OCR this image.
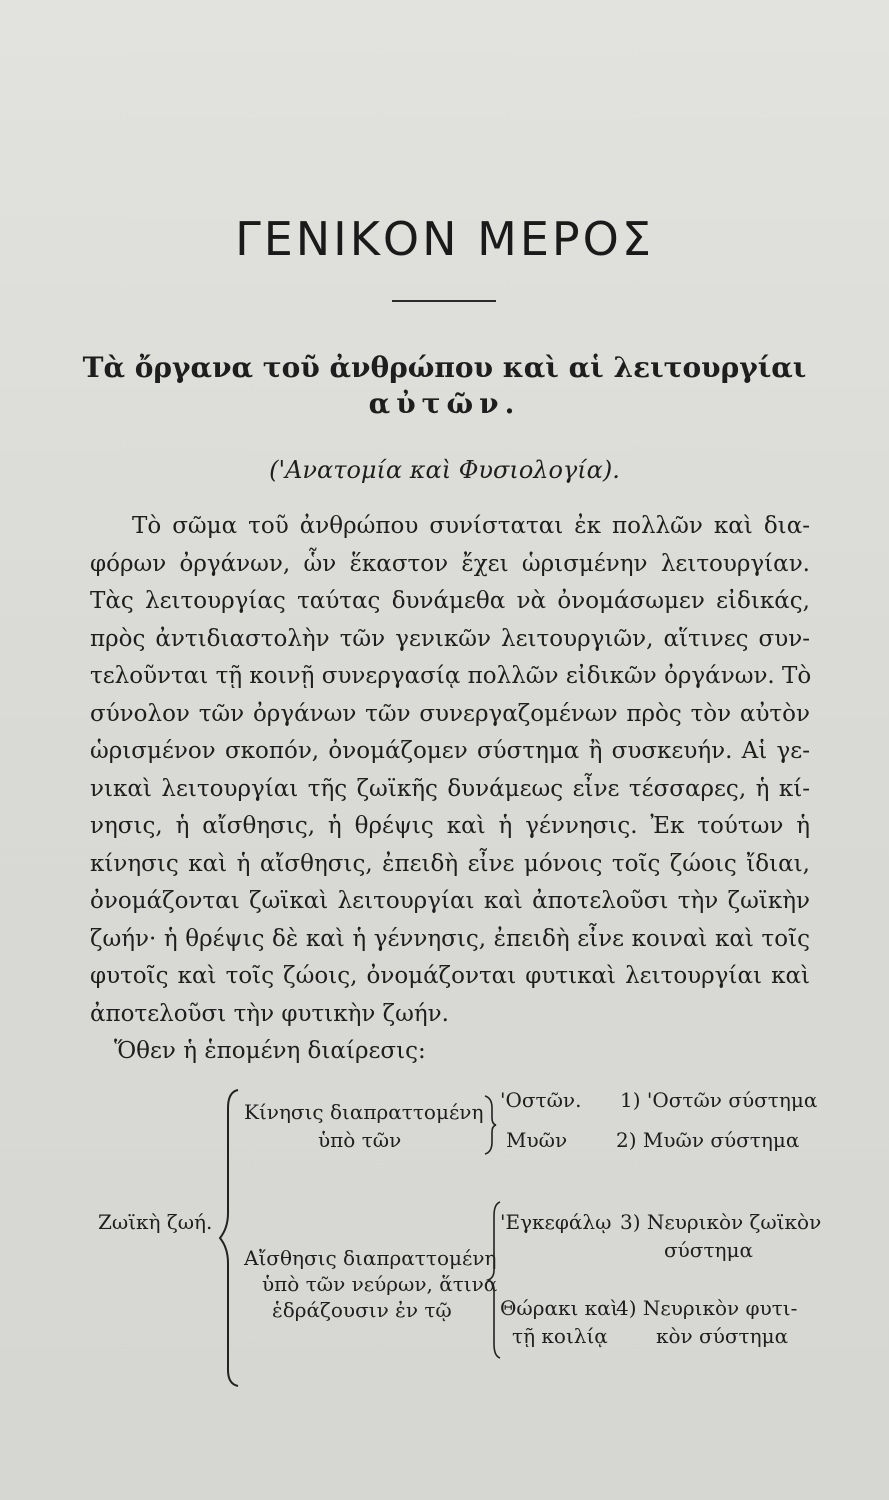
ΓΕΝΙΚΟΝ ΜΕΡΟΣ
Τὰ ὄργανα τοῦ ἀνθρώπου καὶ αἱ λειτουργίαι
αὐτῶν.
('Ανατομία καὶ Φυσιολογία).
Τὸ σῶμα τοῦ ἀνθρώπου συνίσταται ἐκ πολλῶν καὶ δια-
φόρων ὀργάνων, ὧν ἕκαστον ἔχει ὡρισμένην λειτουργίαν.
Τὰς λειτουργίας ταύτας δυνάμεθα νὰ ὀνομάσωμεν εἰδικάς,
πρὸς ἀντιδιαστολὴν τῶν γενικῶν λειτουργιῶν, αἵτινες συν-
τελοῦνται τῇ κοινῇ συνεργασίᾳ πολλῶν εἰδικῶν ὀργάνων. Τὸ
σύνολον τῶν ὀργάνων τῶν συνεργαζομένων πρὸς τὸν αὐτὸν
ὡρισμένον σκοπόν, ὀνομάζομεν σύστημα ἢ συσκευήν. Αἱ γε-
νικαὶ λειτουργίαι τῆς ζωϊκῆς δυνάμεως εἶνε τέσσαρες, ἡ κί-
νησις, ἡ αἴσθησις, ἡ θρέψις καὶ ἡ γέννησις. Ἐκ τούτων ἡ
κίνησις καὶ ἡ αἴσθησις, ἐπειδὴ εἶνε μόνοις τοῖς ζώοις ἴδιαι,
ὀνομάζονται ζωϊκαὶ λειτουργίαι καὶ ἀποτελοῦσι τὴν ζωϊκὴν
ζωήν· ἡ θρέψις δὲ καὶ ἡ γέννησις, ἐπειδὴ εἶνε κοιναὶ καὶ τοῖς
φυτοῖς καὶ τοῖς ζώοις, ὀνομάζονται φυτικαὶ λειτουργίαι καὶ
ἀποτελοῦσι τὴν φυτικὴν ζωήν.
Ὅθεν ἡ ἑπομένη διαίρεσις:
Ζωϊκὴ ζωή.
Κίνησις διαπραττομένη
ὑπὸ τῶν
'Οστῶν.
Μυῶν
1) 'Οστῶν σύστημα
2) Μυῶν σύστημα
Αἴσθησις διαπραττομένη
ὑπὸ τῶν νεύρων, ἅτινα
ἑδράζουσιν ἐν τῷ
'Εγκεφάλῳ 3) Νευρικὸν ζωϊκὸν
σύστημα
Θώρακι καὶ
τῇ κοιλίᾳ
4) Νευρικὸν φυτι-
κὸν σύστημα
